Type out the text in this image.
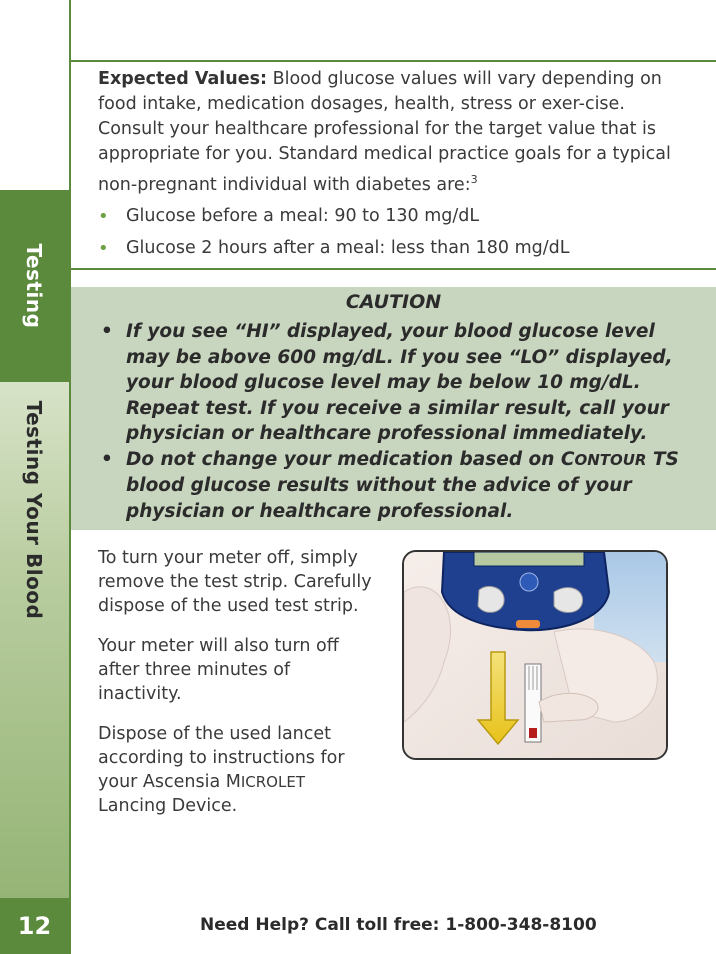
Testing
Testing Your Blood
12
Expected Values: Blood glucose values will vary depending on food intake, medication dosages, health, stress or exer-cise. Consult your healthcare professional for the target value that is appropriate for you. Standard medical practice goals for a typical non-pregnant individual with diabetes are:$^3$
• Glucose before a meal: 90 to 130 mg/dL
• Glucose 2 hours after a meal: less than 180 mg/dL
CAUTION
• If you see “HI” displayed, your blood glucose level may be above 600 mg/dL. If you see “LO” displayed, your blood glucose level may be below 10 mg/dL. Repeat test. If you receive a similar result, call your physician or healthcare professional immediately.
• Do not change your medication based on CONTOUR TS blood glucose results without the advice of your physician or healthcare professional.

To turn your meter off, simply remove the test strip. Carefully dispose of the used test strip.

Your meter will also turn off after three minutes of inactivity.

Dispose of the used lancet according to instructions for your Ascensia MICROLET Lancing Device.

Need Help? Call toll free: 1-800-348-8100
